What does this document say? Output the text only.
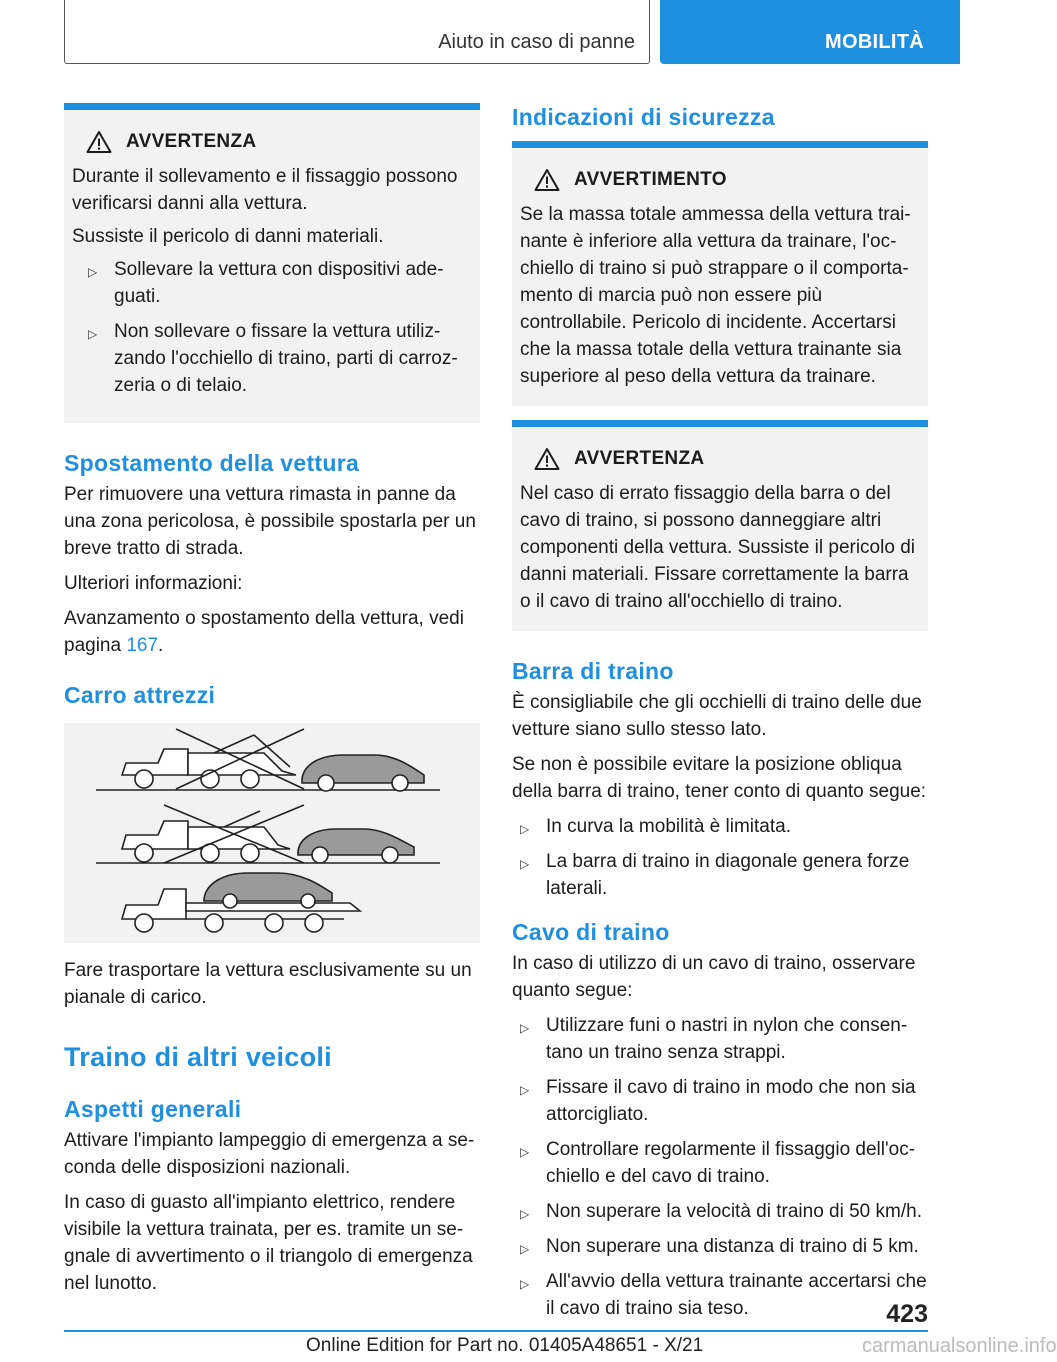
Aiuto in caso di panne	MOBILITÀ
AVVERTENZA

Durante il sollevamento e il fissaggio possono verificarsi danni alla vettura.

Sussiste il pericolo di danni materiali.

▷ Sollevare la vettura con dispositivi adeguati.
▷ Non sollevare o fissare la vettura utilizzando l'occhiello di traino, parti di carrozzeria o di telaio.
Spostamento della vettura

Per rimuovere una vettura rimasta in panne da una zona pericolosa, è possibile spostarla per un breve tratto di strada.

Ulteriori informazioni:

Avanzamento o spostamento della vettura, vedi pagina 167.

Carro attrezzi

Fare trasportare la vettura esclusivamente su un pianale di carico.

Traino di altri veicoli
Aspetti generali

Attivare l'impianto lampeggio di emergenza a seconda delle disposizioni nazionali.

In caso di guasto all'impianto elettrico, rendere visibile la vettura trainata, per es. tramite un segnale di avvertimento o il triangolo di emergenza nel lunotto.

Indicazioni di sicurezza
AVVERTIMENTO

Se la massa totale ammessa della vettura trainante è inferiore alla vettura da trainare, l'occhiello di traino si può strappare o il comportamento di marcia può non essere più controllabile. Pericolo di incidente. Accertarsi che la massa totale della vettura trainante sia superiore al peso della vettura da trainare.

AVVERTENZA

Nel caso di errato fissaggio della barra o del cavo di traino, si possono danneggiare altri componenti della vettura. Sussiste il pericolo di danni materiali. Fissare correttamente la barra o il cavo di traino all'occhiello di traino.

Barra di traino

È consigliabile che gli occhielli di traino delle due vetture siano sullo stesso lato.

Se non è possibile evitare la posizione obliqua della barra di traino, tener conto di quanto segue:

▷ In curva la mobilità è limitata.
▷ La barra di traino in diagonale genera forze laterali.
Cavo di traino

In caso di utilizzo di un cavo di traino, osservare quanto segue:

▷ Utilizzare funi o nastri in nylon che consentano un traino senza strappi.
▷ Fissare il cavo di traino in modo che non sia attorcigliato.
▷ Controllare regolarmente il fissaggio dell'occhiello e del cavo di traino.
▷ Non superare la velocità di traino di 50 km/h.
▷ Non superare una distanza di traino di 5 km.
▷ All'avvio della vettura trainante accertarsi che il cavo di traino sia teso.	423
Online Edition for Part no. 01405A48651 - X/21	carmanualsonline.info
